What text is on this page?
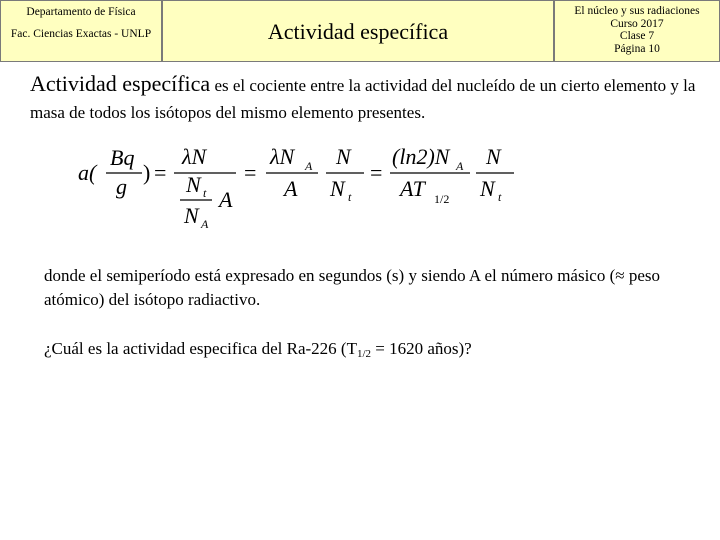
Departamento de Física
Fac. Ciencias Exactas - UNLP	Actividad específica
El núcleo y sus radiaciones
Curso 2017
Clase 7
Página 10
Actividad específica es el cociente entre la actividad del nucleído de un cierto elemento y la masa de todos los isótopos del mismo elemento presentes.
a(
Bq
g
) =
λN
N t
N A
A
=
λN A
A
N
N t
=
(ln2)N A
AT 1/2
N
N t
donde el semiperíodo está expresado en segundos (s) y siendo A el número másico (≈ peso atómico) del isótopo radiactivo.
¿Cuál es la actividad especifica del Ra-226 ($T_{1/2} = 1620$ años)?
